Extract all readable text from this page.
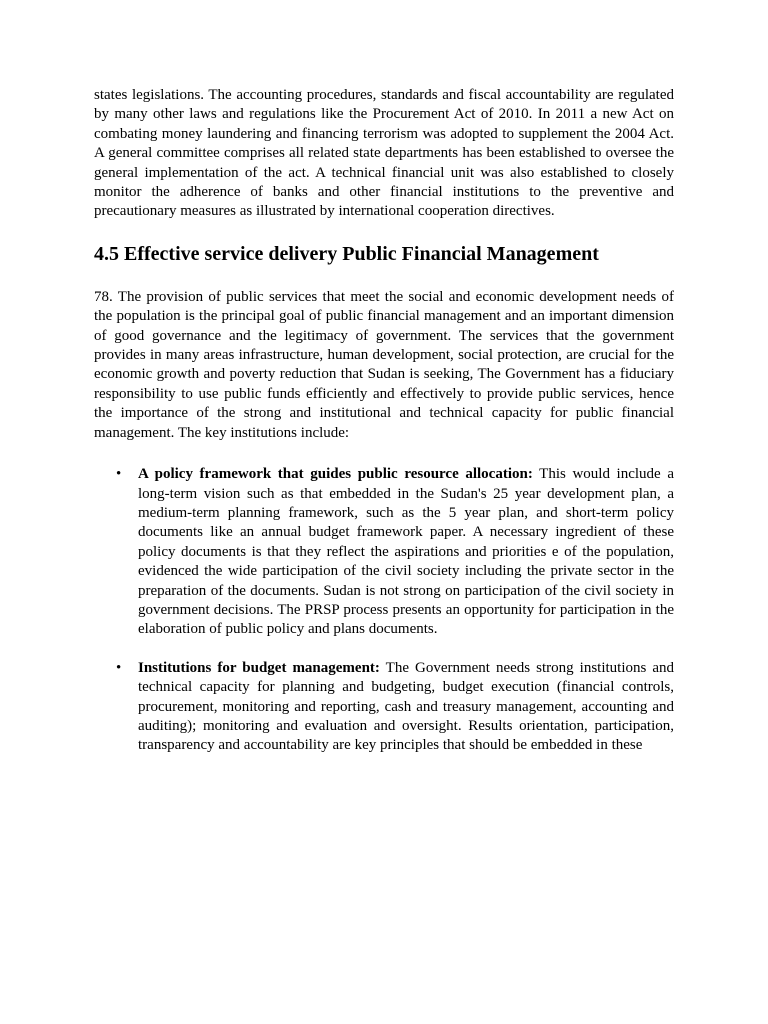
states legislations. The accounting procedures, standards and fiscal accountability are regulated by many other laws and regulations like the Procurement Act of 2010. In 2011 a new Act on combating money laundering and financing terrorism was adopted to supplement the 2004 Act. A general committee comprises all related state departments has been established to oversee the general implementation of the act. A technical financial unit was also established to closely monitor the adherence of banks and other financial institutions to the preventive and precautionary measures as illustrated by international cooperation directives.

4.5 Effective service delivery Public Financial Management

78. The provision of public services that meet the social and economic development needs of the population is the principal goal of public financial management and an important dimension of good governance and the legitimacy of government. The services that the government provides in many areas infrastructure, human development, social protection, are crucial for the economic growth and poverty reduction that Sudan is seeking, The Government has a fiduciary responsibility to use public funds efficiently and effectively to provide public services, hence the importance of the strong and institutional and technical capacity for public financial management. The key institutions include:

• A policy framework that guides public resource allocation: This would include a long-term vision such as that embedded in the Sudan's 25 year development plan, a medium-term planning framework, such as the 5 year plan, and short-term policy documents like an annual budget framework paper. A necessary ingredient of these policy documents is that they reflect the aspirations and priorities e of the population, evidenced the wide participation of the civil society including the private sector in the preparation of the documents. Sudan is not strong on participation of the civil society in government decisions. The PRSP process presents an opportunity for participation in the elaboration of public policy and plans documents.

• Institutions for budget management: The Government needs strong institutions and technical capacity for planning and budgeting, budget execution (financial controls, procurement, monitoring and reporting, cash and treasury management, accounting and auditing); monitoring and evaluation and oversight. Results orientation, participation, transparency and accountability are key principles that should be embedded in these
